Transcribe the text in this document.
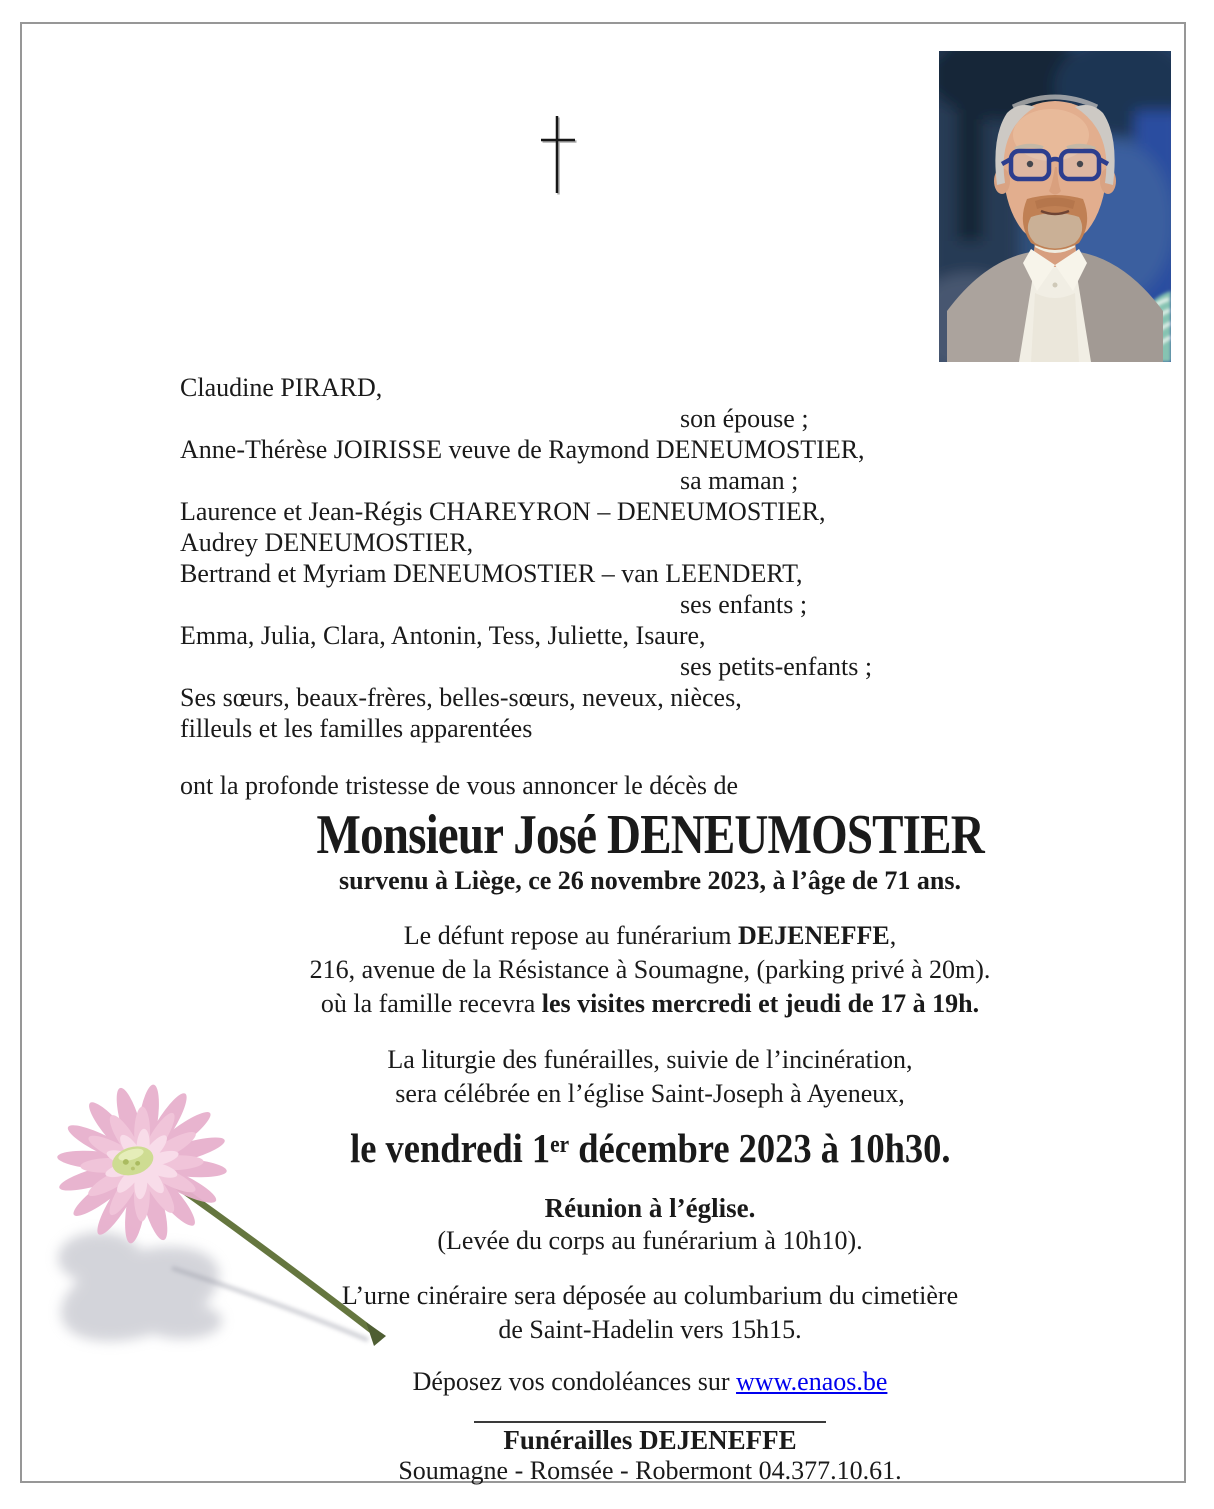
Claudine PIRARD,
son épouse ;
Anne-Thérèse JOIRISSE veuve de Raymond DENEUMOSTIER,
sa maman ;
Laurence et Jean-Régis CHAREYRON – DENEUMOSTIER,
Audrey DENEUMOSTIER,
Bertrand et Myriam DENEUMOSTIER – van LEENDERT,
ses enfants ;
Emma, Julia, Clara, Antonin, Tess, Juliette, Isaure,
ses petits-enfants ;
Ses sœurs, beaux-frères, belles-sœurs, neveux, nièces,
filleuls et les familles apparentées

ont la profonde tristesse de vous annoncer le décès de

Monsieur José DENEUMOSTIER

survenu à Liège, ce 26 novembre 2023, à l’âge de 71 ans.

Le défunt repose au funérarium DEJENEFFE,
216, avenue de la Résistance à Soumagne, (parking privé à 20m).
où la famille recevra les visites mercredi et jeudi de 17 à 19h.

La liturgie des funérailles, suivie de l’incinération,
sera célébrée en l’église Saint-Joseph à Ayeneux,

le vendredi 1er décembre 2023 à 10h30.

Réunion à l’église.

(Levée du corps au funérarium à 10h10).

L’urne cinéraire sera déposée au columbarium du cimetière
de Saint-Hadelin vers 15h15.

Déposez vos condoléances sur www.enaos.be

Funérailles DEJENEFFE

Soumagne - Romsée - Robermont 04.377.10.61.
